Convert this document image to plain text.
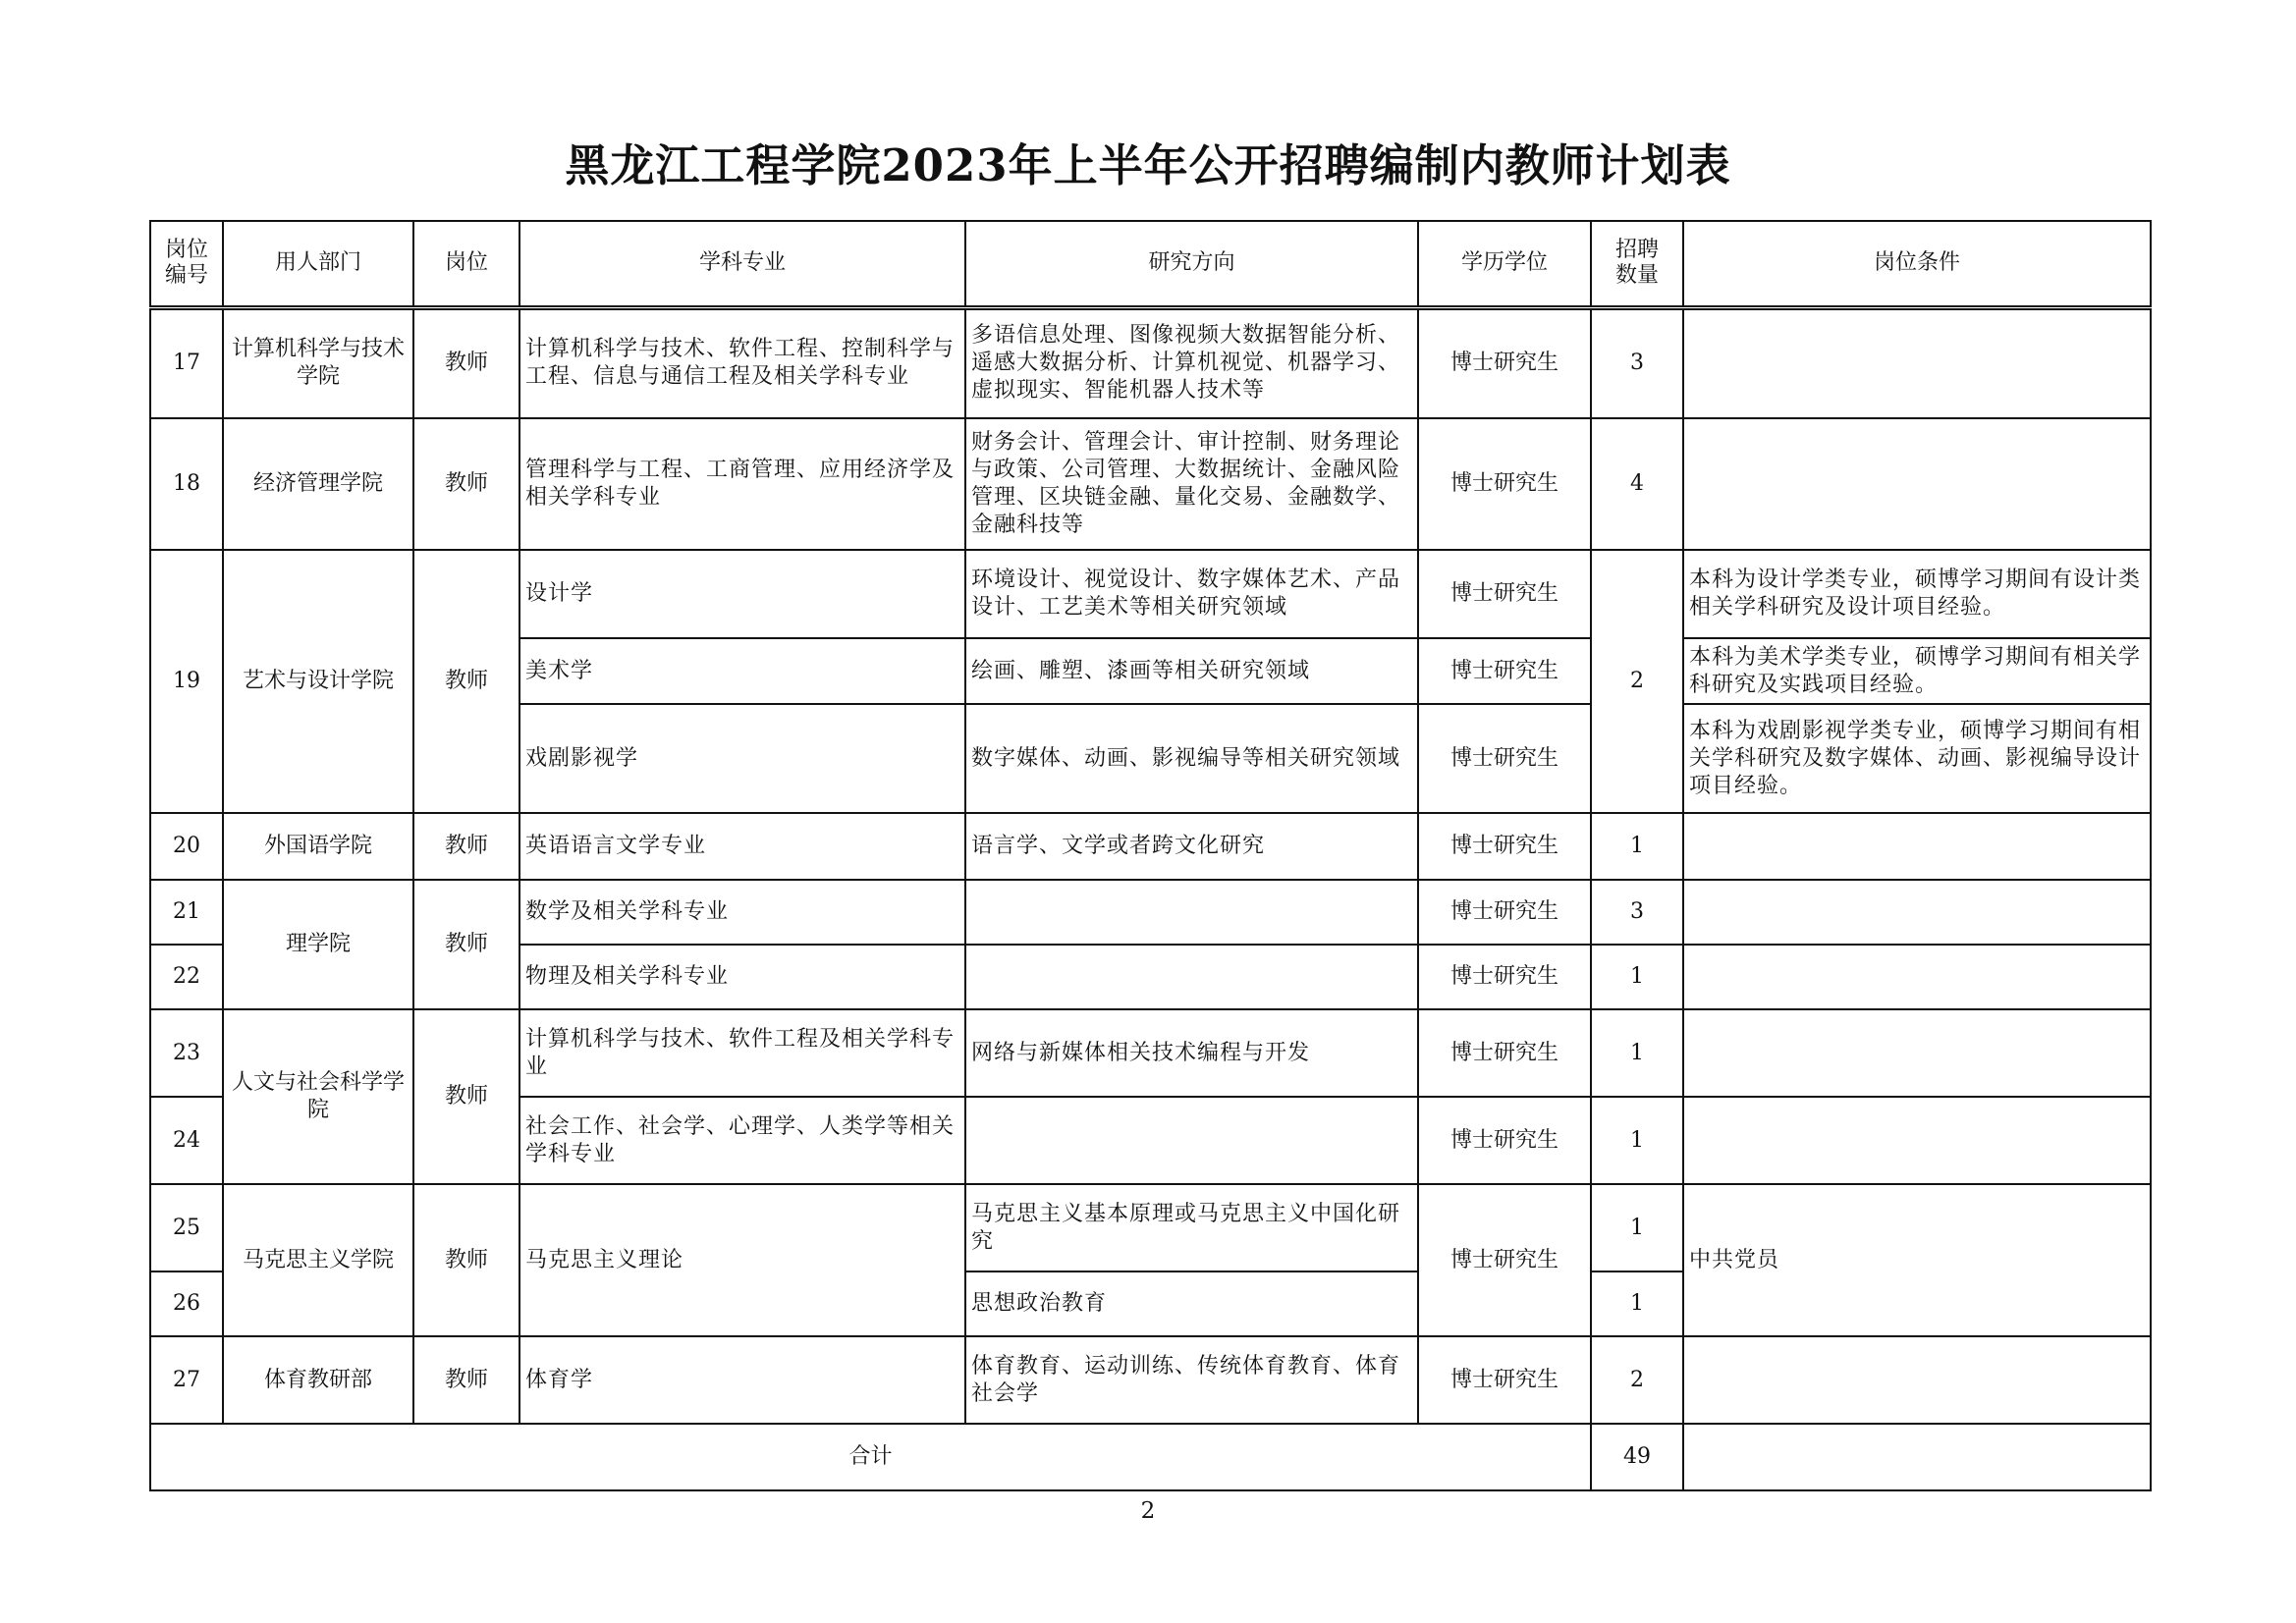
黑龙江工程学院2023年上半年公开招聘编制内教师计划表
岗位编号	用人部门	岗位	学科专业	研究方向	学历学位	招聘数量	岗位条件
17	计算机科学与技术学院	教师	计算机科学与技术、软件工程、控制科学与工程、信息与通信工程及相关学科专业	多语信息处理、图像视频大数据智能分析、遥感大数据分析、计算机视觉、机器学习、虚拟现实、智能机器人技术等	博士研究生	3	
18	经济管理学院	教师	管理科学与工程、工商管理、应用经济学及相关学科专业	财务会计、管理会计、审计控制、财务理论与政策、公司管理、大数据统计、金融风险管理、区块链金融、量化交易、金融数学、金融科技等	博士研究生	4	
19	艺术与设计学院	教师	设计学	环境设计、视觉设计、数字媒体艺术、产品设计、工艺美术等相关研究领域	博士研究生	2	本科为设计学类专业，硕博学习期间有设计类相关学科研究及设计项目经验。
			美术学	绘画、雕塑、漆画等相关研究领域	博士研究生		本科为美术学类专业，硕博学习期间有相关学科研究及实践项目经验。
			戏剧影视学	数字媒体、动画、影视编导等相关研究领域	博士研究生		本科为戏剧影视学类专业，硕博学习期间有相关学科研究及数字媒体、动画、影视编导设计项目经验。
20	外国语学院	教师	英语语言文学专业	语言学、文学或者跨文化研究	博士研究生	1	
21	理学院	教师	数学及相关学科专业		博士研究生	3	
22			物理及相关学科专业		博士研究生	1	
23	人文与社会科学学院	教师	计算机科学与技术、软件工程及相关学科专业	网络与新媒体相关技术编程与开发	博士研究生	1	
24			社会工作、社会学、心理学、人类学等相关学科专业		博士研究生	1	
25	马克思主义学院	教师	马克思主义理论	马克思主义基本原理或马克思主义中国化研究	博士研究生	1	中共党员
26				思想政治教育		1	
27	体育教研部	教师	体育学	体育教育、运动训练、传统体育教育、体育社会学	博士研究生	2	
合计						49	
2
